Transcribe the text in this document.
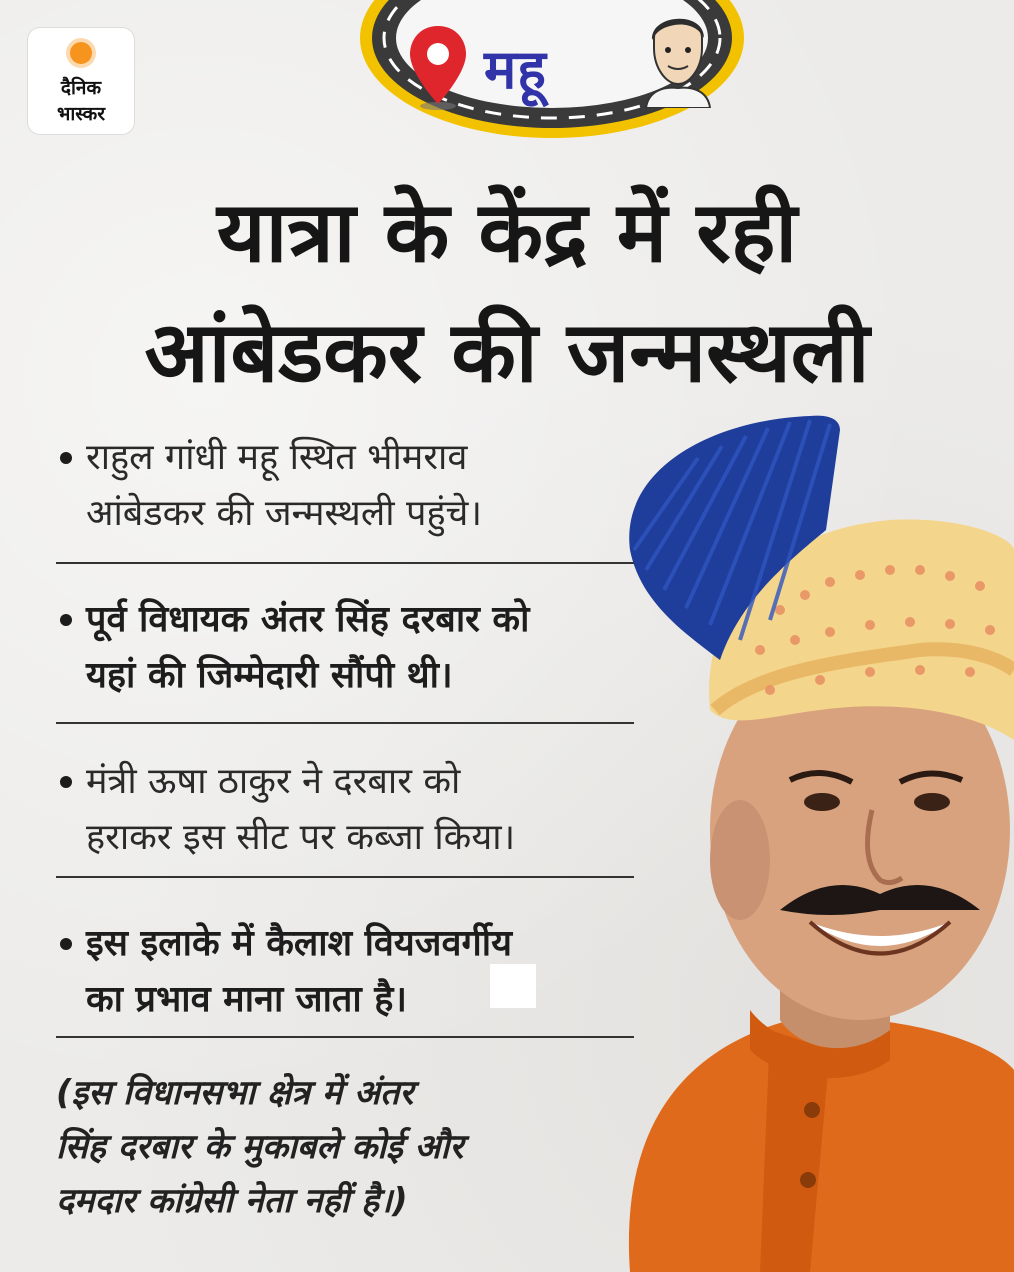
दैनिक
भास्कर
महू
यात्रा के केंद्र में रही
आंबेडकर की जन्मस्थली
राहुल गांधी महू स्थित भीमराव
आंबेडकर की जन्मस्थली पहुंचे।
पूर्व विधायक अंतर सिंह दरबार को
यहां की जिम्मेदारी सौंपी थी।
मंत्री ऊषा ठाकुर ने दरबार को
हराकर इस सीट पर कब्जा किया।
इस इलाके में कैलाश वियजवर्गीय
का प्रभाव माना जाता है।
(इस विधानसभा क्षेत्र में अंतर
सिंह दरबार के मुकाबले कोई और
दमदार कांग्रेसी नेता नहीं है।)
